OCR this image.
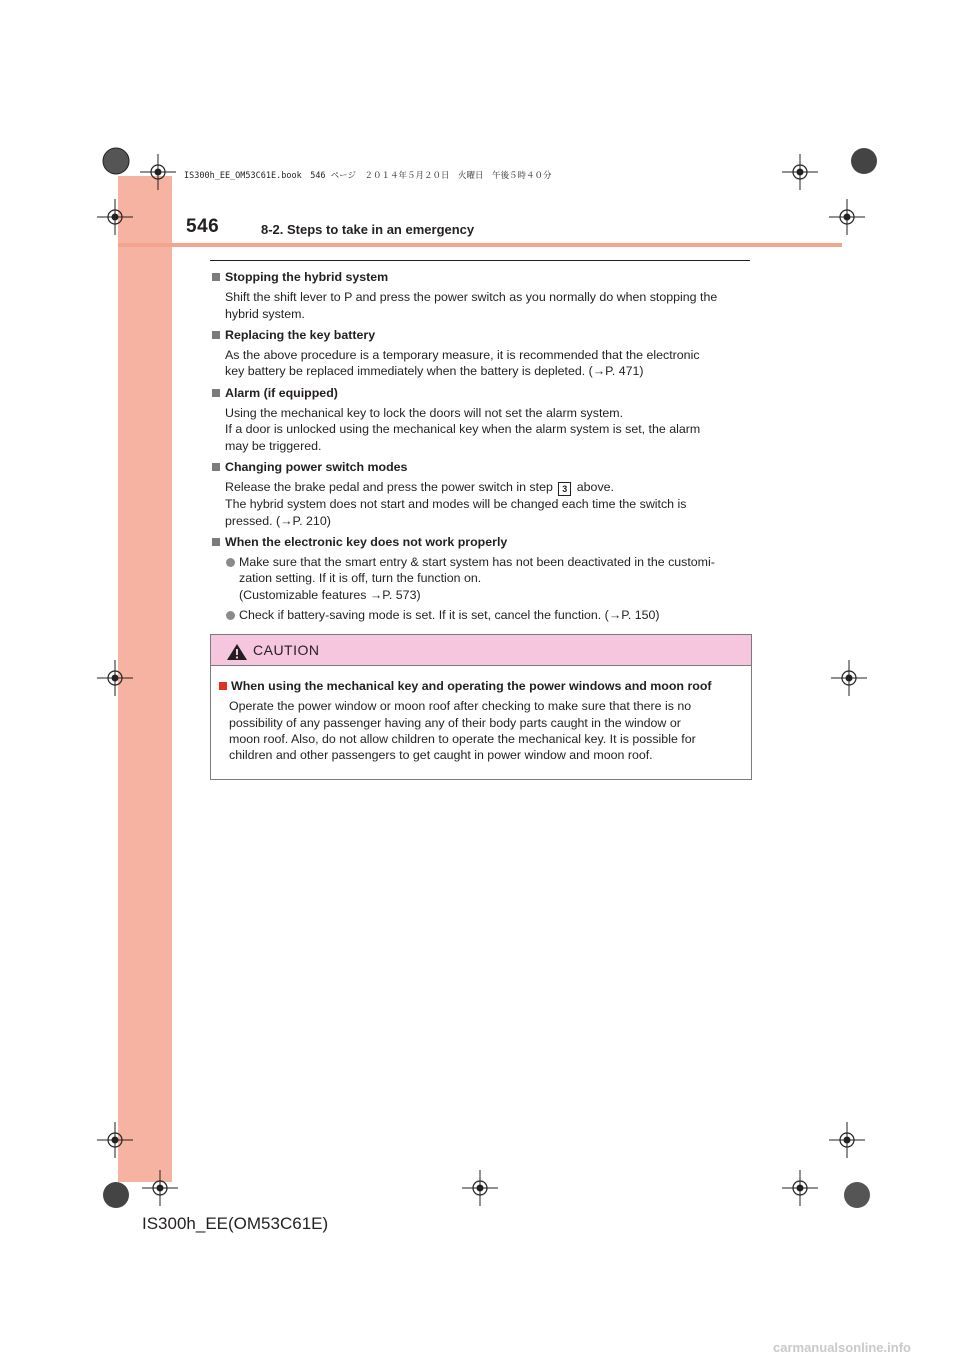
IS300h_EE_OM53C61E.book　546 ページ　２０１４年５月２０日　火曜日　午後５時４０分
546	8-2. Steps to take in an emergency
Stopping the hybrid system
Shift the shift lever to P and press the power switch as you normally do when stopping the
hybrid system.
Replacing the key battery
As the above procedure is a temporary measure, it is recommended that the electronic
key battery be replaced immediately when the battery is depleted. (→P. 471)
Alarm (if equipped)
Using the mechanical key to lock the doors will not set the alarm system.
If a door is unlocked using the mechanical key when the alarm system is set, the alarm
may be triggered.
Changing power switch modes
Release the brake pedal and press the power switch in step 3 above.
The hybrid system does not start and modes will be changed each time the switch is
pressed. (→P. 210)
When the electronic key does not work properly
Make sure that the smart entry & start system has not been deactivated in the customi-
zation setting. If it is off, turn the function on.
(Customizable features →P. 573)
Check if battery-saving mode is set. If it is set, cancel the function. (→P. 150)
CAUTION
When using the mechanical key and operating the power windows and moon roof
Operate the power window or moon roof after checking to make sure that there is no
possibility of any passenger having any of their body parts caught in the window or
moon roof. Also, do not allow children to operate the mechanical key. It is possible for
children and other passengers to get caught in power window and moon roof.
IS300h_EE(OM53C61E)
carmanualsonline.info
